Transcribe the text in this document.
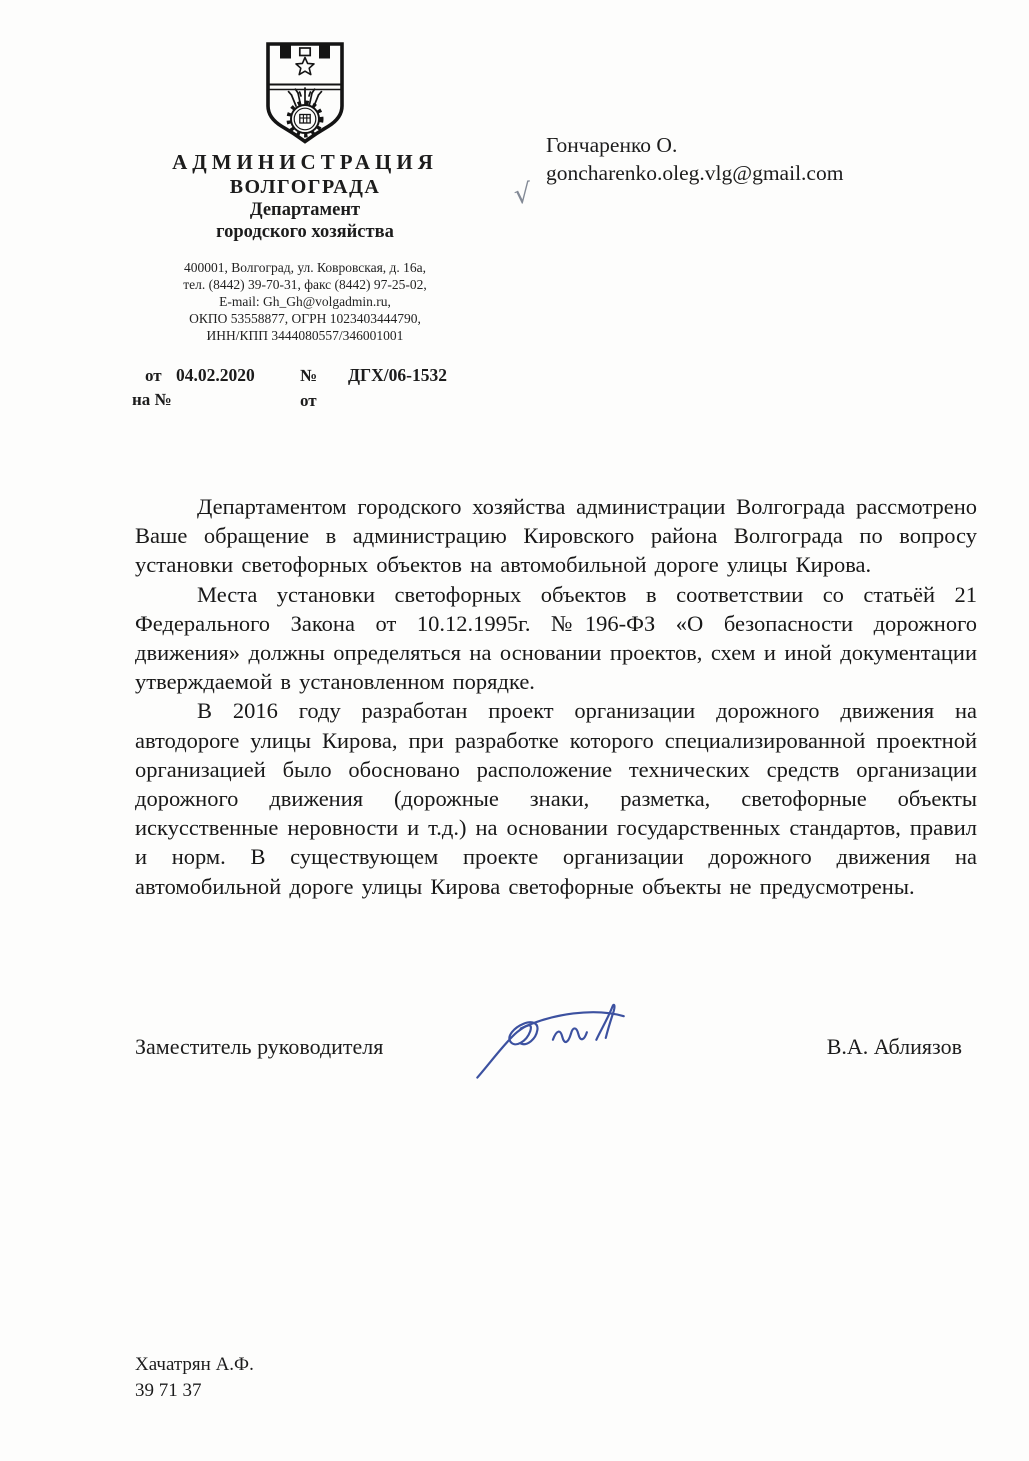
АДМИНИСТРАЦИЯ
ВОЛГОГРАДА
Департамент
городского хозяйства
400001, Волгоград, ул. Ковровская, д. 16а,
тел. (8442) 39-70-31, факс (8442) 97-25-02,
E-mail: Gh_Gh@volgadmin.ru,
ОКПО 53558877, ОГРН 1023403444790,
ИНН/КПП 3444080557/346001001
от 04.02.2020	№ ДГХ/06-1532
на №	от
Гончаренко О.
√
goncharenko.oleg.vlg@gmail.com

Департаментом городского хозяйства администрации Волгограда рассмотрено Ваше обращение в администрацию Кировского района Волгограда по вопросу установки светофорных объектов на автомобильной дороге улицы Кирова.

Места установки светофорных объектов в соответствии со статьёй 21 Федерального Закона от 10.12.1995г. №196-ФЗ «О безопасности дорожного движения» должны определяться на основании проектов, схем и иной документации утверждаемой в установленном порядке.

В 2016 году разработан проект организации дорожного движения на автодороге улицы Кирова, при разработке которого специализированной проектной организацией было обосновано расположение технических средств организации дорожного движения (дорожные знаки, разметка, светофорные объекты искусственные неровности и т.д.) на основании государственных стандартов, правил и норм. В существующем проекте организации дорожного движения на автомобильной дороге улицы Кирова светофорные объекты не предусмотрены.

Заместитель руководителя	В.А. Аблиязов
Хачатрян А.Ф.
39 71 37
